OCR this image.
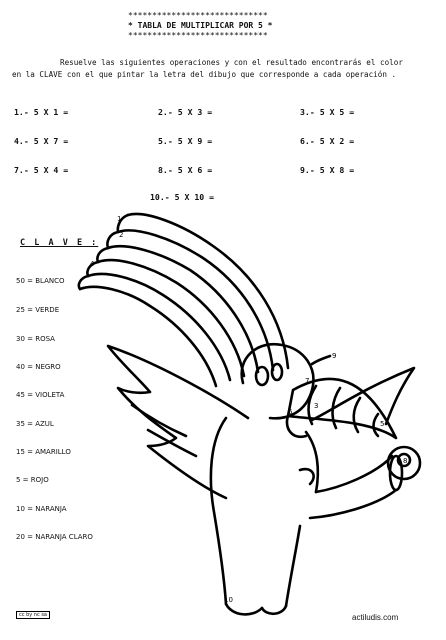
*****************************
* TABLA DE MULTIPLICAR POR 5 *
*****************************
Resuelve las siguientes operaciones y con el resultado encontrarás el color
en la CLAVE con el que pintar la letra del dibujo que corresponde a cada operación .
1.- 5 X 1 =	2.- 5 X 3 =	3.- 5 X 5 =
4.- 5 X 7 =	5.- 5 X 9 =	6.- 5 X 2 =
7.- 5 X 4 =	8.- 5 X 6 =	9.- 5 X 8 =
10.- 5 X 10 =
C L A V E :
50 = BLANCO
25 = VERDE
30 = ROSA
40 = NEGRO
45 = VIOLETA
35 = AZUL
15 = AMARILLO
5 = ROJO
10 = NARANJA
20 = NARANJA CLARO
1
2
3
4
5
6
7
8
9
10
cc by nc sa	actiludis.com
